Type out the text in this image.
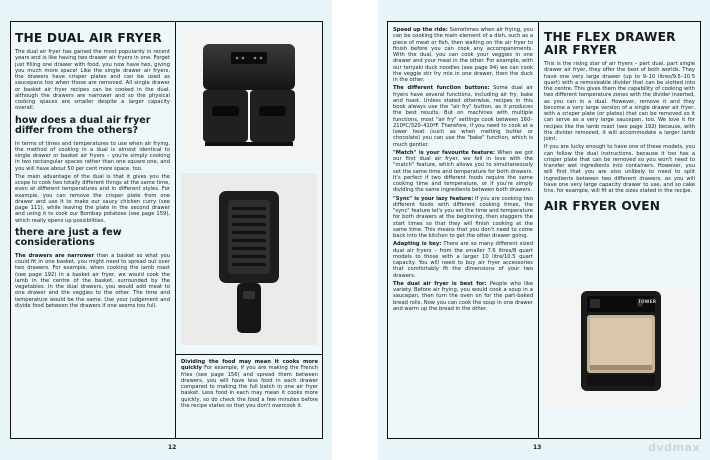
THE DUAL AIR FRYER

The dual air fryer has gained the most popularity in recent years and is like having two drawer air fryers in one. Forget just filling one drawer with food, you now have two, giving you much more space! Like the single drawer air fryers, the drawers have crisper plates and can be used as saucepans too when those are removed. All single drawer or basket air fryer recipes can be cooked in the dual, although the drawers are narrower and so the physical cooking spaces are smaller despite a larger capacity overall.

how does a dual air fryer differ from the others?

In terms of times and temperatures to use when air frying, the method of cooking in a dual is almost identical to single drawer or basket air fryers – you're simply cooking in two rectangular spaces rather than one square one, and you will have about 50 per cent more space, too.

The main advantage of the dual is that it gives you the scope to cook two totally different things at the same time, even at different temperatures and in different styles. For example, you can remove the crisper plate from one drawer and use it to make our saucy chicken curry (see page 111), while leaving the plate in the second drawer and using it to cook our Bombay potatoes (see page 159), which really opens up possibilities.

there are just a few considerations

The drawers are narrower than a basket so what you could fit in one basket, you might need to spread out over two drawers. For example, when cooking the lamb roast (see page 192) in a basket air fryer, we would cook the lamb in the centre of the basket, surrounded by the vegetables. In the dual drawers, you would add meat to one drawer and the veggies to the other. The time and temperature would be the same. Use your judgement and divide food between the drawers if one seems too full.

Dividing the food may mean it cooks more quickly For example, if you are making the French fries (see page 156) and spread them between drawers, you will have less food in each drawer compared to making the full batch in one air fryer basket. Less food in each may mean it cooks more quickly, so do check the food a few minutes before the recipe states so that you don't overcook it.

12

Speed up the ride: Sometimes when air frying, you can be cooking the main element of a dish, such as a piece of meat or fish, then waiting on the air fryer to finish before you can cook any accompaniments. With the dual, you can cook your veggies in one drawer and your meat in the other. For example, with our teriyaki duck noodles (see page 94) we can cook the veggie stir fry mix in one drawer, then the duck in the other.

The different function buttons: Some dual air fryers have several functions, including air fry, bake and roast. Unless stated otherwise, recipes in this book always use the "air fry" button, as it produces the best results. But on machines with multiple functions, most "air fry" settings cook between 160–210ºC/320–410ºF. Therefore, if you need to cook at a lower heat (such as when melting butter or chocolate) you can use the "bake" function, which is much gentler.

"Match" is your favourite feature: When we got our first dual air fryer, we fell in love with the "match" feature, which allows you to simultaneously set the same time and temperature for both drawers. It's perfect if two different foods require the same cooking time and temperature, or if you're simply dividing the same ingredients between both drawers.

"Sync" is your lazy feature: If you are cooking two different foods with different cooking times, the "sync" feature let's you set the time and temperature for both drawers at the beginning, then staggers the start times so that they will finish cooking at the same time. This means that you don't need to come back into the kitchen to get the other drawer going.

Adapting is key: There are so many different sized dual air fryers – from the smaller 7.6 litres/8 quart models to those with a larger 10 litre/10.5 quart capacity. You will need to buy air fryer accessories that comfortably fit the dimensions of your two drawers.

The dual air fryer is best for: People who like variety. Before air frying, you would cook a soup in a saucepan, then turn the oven on for the part-baked bread rolls. Now you can cook the soup in one drawer and warm up the bread in the other.

THE FLEX DRAWER AIR FRYER

This is the rising star of air fryers – part dual, part single drawer air fryer, they offer the best of both worlds. They have one very large drawer (up to 9–10 litres/9.5–10.5 quart) with a removeable divider that can be slotted into the centre. This gives them the capability of cooking with two different temperature zones with the divider inserted, as you can in a dual. However, remove it and they become a very large version of a single drawer air fryer, with a crisper plate (or plates) that can be removed so it can serve as a very large saucepan, too. We love it for recipes like the lamb roast (see page 192) because, with the divider removed, it will accommodate a larger lamb joint.

If you are lucky enough to have one of these models, you can follow the dual instructions, because it too has a crisper plate that can be removed so you won't need to transfer wet ingredients into containers. However, you will find that you are also unlikely to need to split ingredients between two different drawers, as you will have one very large capacity drawer to use, and so cake tins, for example, will fit at the sizes stated in the recipe.

AIR FRYER OVEN
TOWER
13	dvdmax
